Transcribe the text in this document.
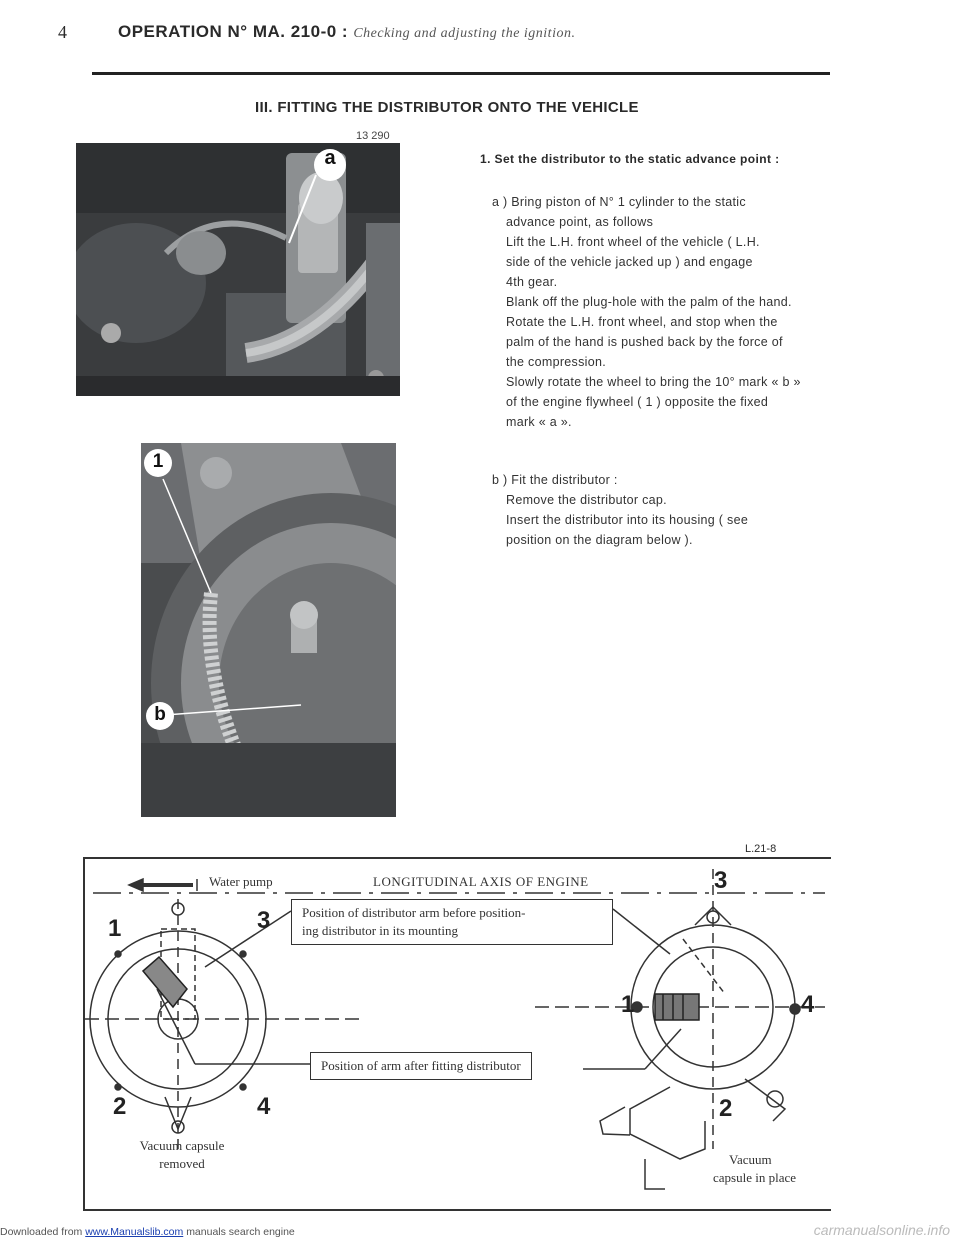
4	OPERATION N° MA. 210-0 : Checking and adjusting the ignition.
III. FITTING THE DISTRIBUTOR ONTO THE VEHICLE
13 290
a
1
b
1. Set the distributor to the static advance point :
a ) Bring piston of N° 1 cylinder to the static
advance point, as follows
Lift the L.H. front wheel of the vehicle ( L.H.
side of the vehicle jacked up ) and engage
4th gear.
Blank off the plug-hole with the palm of the hand.
Rotate the L.H. front wheel, and stop when the
palm of the hand is pushed back by the force of
the compression.
Slowly rotate the wheel to bring the 10° mark « b »
of the engine flywheel ( 1 ) opposite the fixed
mark « a ».
b ) Fit the distributor :
Remove the distributor cap.
Insert the distributor into its housing ( see
position on the diagram below ).
L.21-8
Water pump	LONGITUDINAL AXIS OF ENGINE
Position of distributor arm before position-
ing distributor in its mounting
Position of arm after fitting distributor
1	3
2	4
3
1	4
2
Vacuum capsule
removed	Vacuum
capsule in place
Downloaded from www.Manualslib.com manuals search engine	carmanualsonline.info
